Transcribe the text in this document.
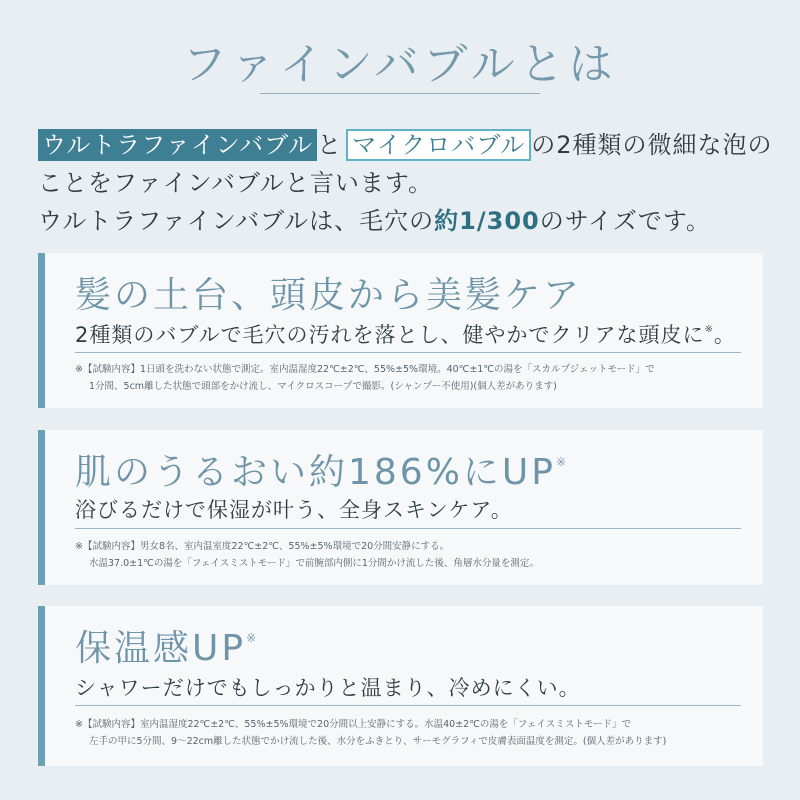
ファインバブルとは
ウルトラファインバブル と マイクロバブル の2種類の微細な泡の
ことをファインバブルと言います。
ウルトラファインバブルは、毛穴の約1/300のサイズです。
髪の土台、頭皮から美髪ケア
2種類のバブルで毛穴の汚れを落とし、健やかでクリアな頭皮に※。
※【試験内容】1日頭を洗わない状態で測定。室内温湿度22℃±2℃、55%±5%環境。40℃±1℃の湯を「スカルプジェットモード」で
1分間、5cm離した状態で頭部をかけ流し、マイクロスコープで撮影。(シャンプー不使用)(個人差があります)
肌のうるおい約186%にUP※
浴びるだけで保湿が叶う、全身スキンケア。
※【試験内容】男女8名、室内温室度22℃±2℃、55%±5%環境で20分間安静にする。
水温37.0±1℃の湯を「フェイスミストモード」で前腕部内側に1分間かけ流した後、角層水分量を測定。
保温感UP※
シャワーだけでもしっかりと温まり、冷めにくい。
※【試験内容】室内温湿度22℃±2℃、55%±5%環境で20分間以上安静にする。水温40±2℃の湯を「フェイスミストモード」で
左手の甲に5分間、9～22cm離した状態でかけ流した後、水分をふきとり、サーモグラフィで皮膚表面温度を測定。(個人差があります)
